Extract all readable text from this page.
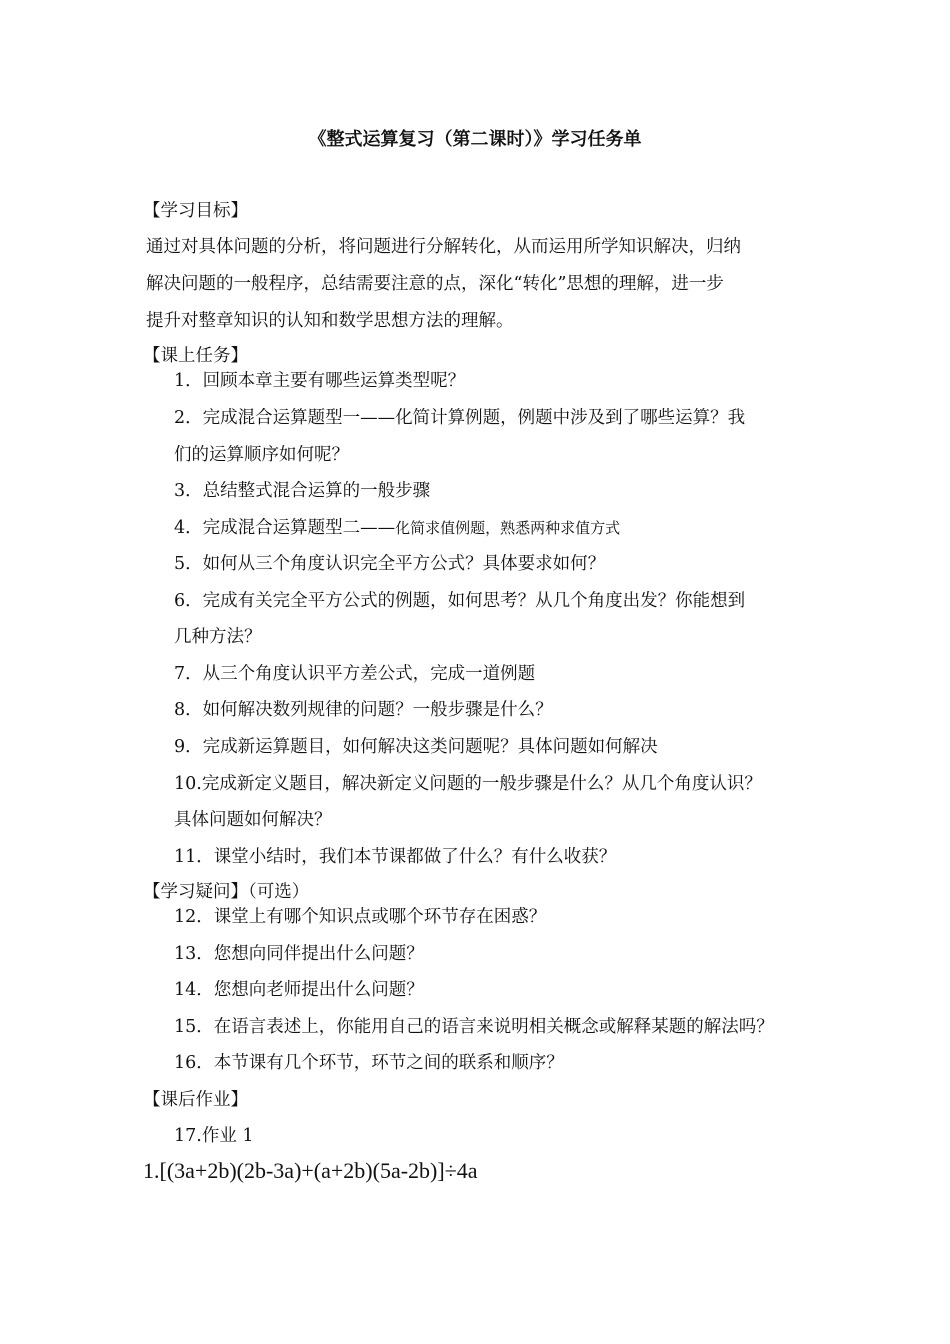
《整式运算复习（第二课时）》学习任务单
【学习目标】
通过对具体问题的分析，将问题进行分解转化，从而运用所学知识解决，归纳
解决问题的一般程序，总结需要注意的点，深化“转化”思想的理解，进一步
提升对整章知识的认知和数学思想方法的理解。
【课上任务】
1．回顾本章主要有哪些运算类型呢？
2．完成混合运算题型一——化简计算例题，例题中涉及到了哪些运算？我
们的运算顺序如何呢？
3．总结整式混合运算的一般步骤
4．完成混合运算题型二——化简求值例题，熟悉两种求值方式
5．如何从三个角度认识完全平方公式？具体要求如何？
6．完成有关完全平方公式的例题，如何思考？从几个角度出发？你能想到
几种方法？
7．从三个角度认识平方差公式，完成一道例题
8．如何解决数列规律的问题？一般步骤是什么？
9．完成新运算题目，如何解决这类问题呢？具体问题如何解决
10.完成新定义题目，解决新定义问题的一般步骤是什么？从几个角度认识？
具体问题如何解决？
11．课堂小结时，我们本节课都做了什么？有什么收获？
【学习疑问】（可选）
12．课堂上有哪个知识点或哪个环节存在困惑？
13．您想向同伴提出什么问题？
14．您想向老师提出什么问题？
15．在语言表述上，你能用自己的语言来说明相关概念或解释某题的解法吗？
16．本节课有几个环节，环节之间的联系和顺序？
【课后作业】
17.作业 1
1.[(3a+2b)(2b-3a)+(a+2b)(5a-2b)]÷4a
